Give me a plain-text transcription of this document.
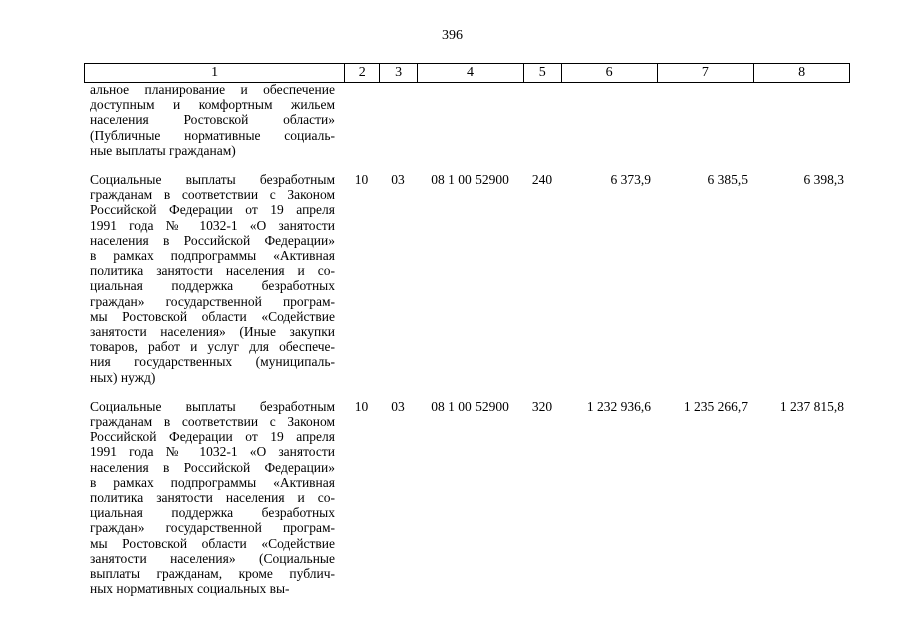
396
1	2	3	4	5	6	7	8
альное планирование и обеспечение
доступным и комфортным жильем
населения Ростовской области»
(Публичные нормативные социаль-
ные выплаты гражданам)
Социальные выплаты безработным
гражданам в соответствии с Законом
Российской Федерации от 19 апреля
1991 года № 1032-1 «О занятости
населения в Российской Федерации»
в рамках подпрограммы «Активная
политика занятости населения и со-
циальная поддержка безработных
граждан» государственной програм-
мы Ростовской области «Содействие
занятости населения» (Иные закупки
товаров, работ и услуг для обеспече-
ния государственных (муниципаль-
ных) нужд)
10	03	08 1 00 52900	240	6 373,9	6 385,5	6 398,3
Социальные выплаты безработным
гражданам в соответствии с Законом
Российской Федерации от 19 апреля
1991 года № 1032-1 «О занятости
населения в Российской Федерации»
в рамках подпрограммы «Активная
политика занятости населения и со-
циальная поддержка безработных
граждан» государственной програм-
мы Ростовской области «Содействие
занятости населения» (Социальные
выплаты гражданам, кроме публич-
ных нормативных социальных вы-
10	03	08 1 00 52900	320	1 232 936,6	1 235 266,7	1 237 815,8
